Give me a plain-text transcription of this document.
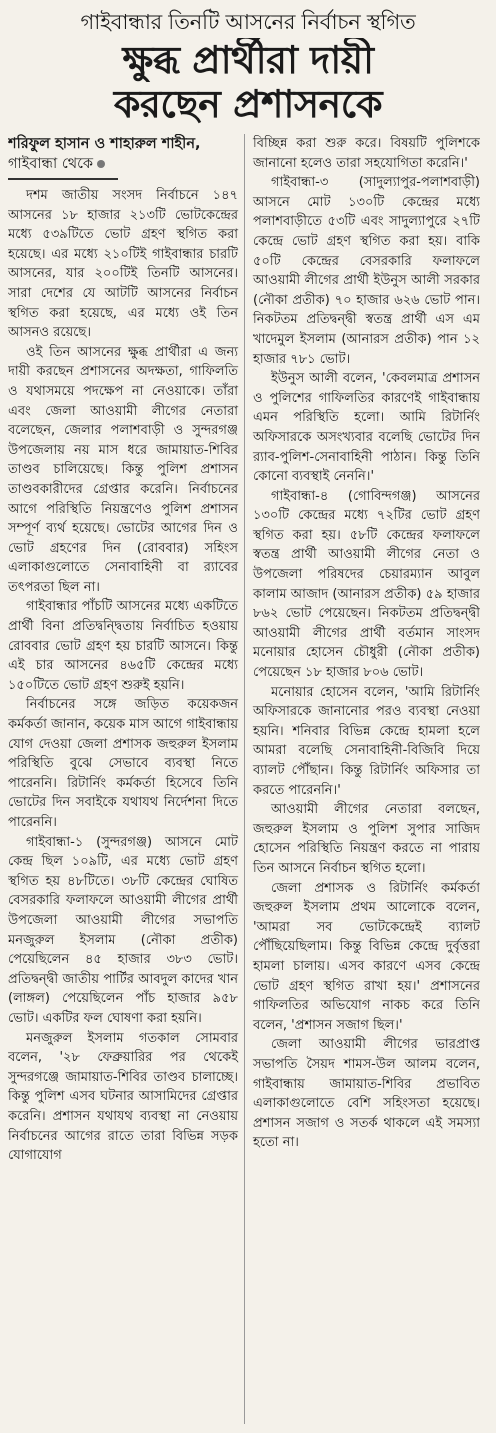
গাইবান্ধার তিনটি আসনের নির্বাচন স্থগিত
ক্ষুব্ধ প্রার্থীরা দায়ী
করছেন প্রশাসনকে
শরিফুল হাসান ও শাহারুল শাহীন, গাইবান্ধা থেকে

দশম জাতীয় সংসদ নির্বাচনে ১৪৭ আসনের ১৮ হাজার ২১৩টি ভোটকেন্দ্রের মধ্যে ৫৩৯টিতে ভোট গ্রহণ স্থগিত করা হয়েছে। এর মধ্যে ২১০টিই গাইবান্ধার চারটি আসনের, যার ২০০টিই তিনটি আসনের। সারা দেশের যে আটটি আসনের নির্বাচন স্থগিত করা হয়েছে, এর মধ্যে ওই তিন আসনও রয়েছে।

ওই তিন আসনের ক্ষুব্ধ প্রার্থীরা এ জন্য দায়ী করছেন প্রশাসনের অদক্ষতা, গাফিলতি ও যথাসময়ে পদক্ষেপ না নেওয়াকে। তাঁরা এবং জেলা আওয়ামী লীগের নেতারা বলেছেন, জেলার পলাশবাড়ী ও সুন্দরগঞ্জ উপজেলায় নয় মাস ধরে জামায়াত-শিবির তাণ্ডব চালিয়েছে। কিন্তু পুলিশ প্রশাসন তাণ্ডবকারীদের গ্রেপ্তার করেনি। নির্বাচনের আগে পরিস্থিতি নিয়ন্ত্রণেও পুলিশ প্রশাসন সম্পূর্ণ ব্যর্থ হয়েছে। ভোটের আগের দিন ও ভোট গ্রহণের দিন (রোববার) সহিংস এলাকাগুলোতে সেনাবাহিনী বা র‍্যাবের তৎপরতা ছিল না।

গাইবান্ধার পাঁচটি আসনের মধ্যে একটিতে প্রার্থী বিনা প্রতিদ্বন্দ্বিতায় নির্বাচিত হওয়ায় রোববার ভোট গ্রহণ হয় চারটি আসনে। কিন্তু এই চার আসনের ৪৬৫টি কেন্দ্রের মধ্যে ১৫০টিতে ভোট গ্রহণ শুরুই হয়নি।

নির্বাচনের সঙ্গে জড়িত কয়েকজন কর্মকর্তা জানান, কয়েক মাস আগে গাইবান্ধায় যোগ দেওয়া জেলা প্রশাসক জহুরুল ইসলাম পরিস্থিতি বুঝে সেভাবে ব্যবস্থা নিতে পারেননি। রিটার্নিং কর্মকর্তা হিসেবে তিনি ভোটের দিন সবাইকে যথাযথ নির্দেশনা দিতে পারেননি।

গাইবান্ধা-১ (সুন্দরগঞ্জ) আসনে মোট কেন্দ্র ছিল ১০৯টি, এর মধ্যে ভোট গ্রহণ স্থগিত হয় ৪৮টিতে। ৩৮টি কেন্দ্রের ঘোষিত বেসরকারি ফলাফলে আওয়ামী লীগের প্রার্থী উপজেলা আওয়ামী লীগের সভাপতি মনজুরুল ইসলাম (নৌকা প্রতীক) পেয়েছিলেন ৪৫ হাজার ৩৮৩ ভোট। প্রতিদ্বন্দ্বী জাতীয় পার্টির আবদুল কাদের খান (লাঙ্গল) পেয়েছিলেন পাঁচ হাজার ৯৫৮ ভোট। একটির ফল ঘোষণা করা হয়নি।

মনজুরুল ইসলাম গতকাল সোমবার বলেন, '২৮ ফেব্রুয়ারির পর থেকেই সুন্দরগঞ্জে জামায়াত-শিবির তাণ্ডব চালাচ্ছে। কিন্তু পুলিশ এসব ঘটনার আসামিদের গ্রেপ্তার করেনি। প্রশাসন যথাযথ ব্যবস্থা না নেওয়ায় নির্বাচনের আগের রাতে তারা বিভিন্ন সড়ক যোগাযোগ

বিচ্ছিন্ন করা শুরু করে। বিষয়টি পুলিশকে জানানো হলেও তারা সহযোগিতা করেনি।'

গাইবান্ধা-৩ (সাদুল্যাপুর-পলাশবাড়ী) আসনে মোট ১৩০টি কেন্দ্রের মধ্যে পলাশবাড়ীতে ৫৩টি এবং সাদুল্যাপুরে ২৭টি কেন্দ্রে ভোট গ্রহণ স্থগিত করা হয়। বাকি ৫০টি কেন্দ্রের বেসরকারি ফলাফলে আওয়ামী লীগের প্রার্থী ইউনুস আলী সরকার (নৌকা প্রতীক) ৭০ হাজার ৬২৬ ভোট পান। নিকটতম প্রতিদ্বন্দ্বী স্বতন্ত্র প্রার্থী এস এম খাদেমুল ইসলাম (আনারস প্রতীক) পান ১২ হাজার ৭৮১ ভোট।

ইউনুস আলী বলেন, 'কেবলমাত্র প্রশাসন ও পুলিশের গাফিলতির কারণেই গাইবান্ধায় এমন পরিস্থিতি হলো। আমি রিটার্নিং অফিসারকে অসংখ্যবার বলেছি ভোটের দিন র‍্যাব-পুলিশ-সেনাবাহিনী পাঠান। কিন্তু তিনি কোনো ব্যবস্থাই নেননি।'

গাইবান্ধা-৪ (গোবিন্দগঞ্জ) আসনের ১৩০টি কেন্দ্রের মধ্যে ৭২টির ভোট গ্রহণ স্থগিত করা হয়। ৫৮টি কেন্দ্রের ফলাফলে স্বতন্ত্র প্রার্থী আওয়ামী লীগের নেতা ও উপজেলা পরিষদের চেয়ারম্যান আবুল কালাম আজাদ (আনারস প্রতীক) ৫৯ হাজার ৮৬২ ভোট পেয়েছেন। নিকটতম প্রতিদ্বন্দ্বী আওয়ামী লীগের প্রার্থী বর্তমান সাংসদ মনোয়ার হোসেন চৌধুরী (নৌকা প্রতীক) পেয়েছেন ১৮ হাজার ৮০৬ ভোট।

মনোয়ার হোসেন বলেন, 'আমি রিটার্নিং অফিসারকে জানানোর পরও ব্যবস্থা নেওয়া হয়নি। শনিবার বিভিন্ন কেন্দ্রে হামলা হলে আমরা বলেছি সেনাবাহিনী-বিজিবি দিয়ে ব্যালট পৌঁছান। কিন্তু রিটার্নিং অফিসার তা করতে পারেননি।'

আওয়ামী লীগের নেতারা বলছেন, জহুরুল ইসলাম ও পুলিশ সুপার সাজিদ হোসেন পরিস্থিতি নিয়ন্ত্রণ করতে না পারায় তিন আসনে নির্বাচন স্থগিত হলো।

জেলা প্রশাসক ও রিটার্নিং কর্মকর্তা জহুরুল ইসলাম প্রথম আলোকে বলেন, 'আমরা সব ভোটকেন্দ্রেই ব্যালট পৌঁছিয়েছিলাম। কিন্তু বিভিন্ন কেন্দ্রে দুর্বৃত্তরা হামলা চালায়। এসব কারণে এসব কেন্দ্রে ভোট গ্রহণ স্থগিত রাখা হয়।' প্রশাসনের গাফিলতির অভিযোগ নাকচ করে তিনি বলেন, 'প্রশাসন সজাগ ছিল।'

জেলা আওয়ামী লীগের ভারপ্রাপ্ত সভাপতি সৈয়দ শামস-উল আলম বলেন, গাইবান্ধায় জামায়াত-শিবির প্রভাবিত এলাকাগুলোতে বেশি সহিংসতা হয়েছে। প্রশাসন সজাগ ও সতর্ক থাকলে এই সমস্যা হতো না।
